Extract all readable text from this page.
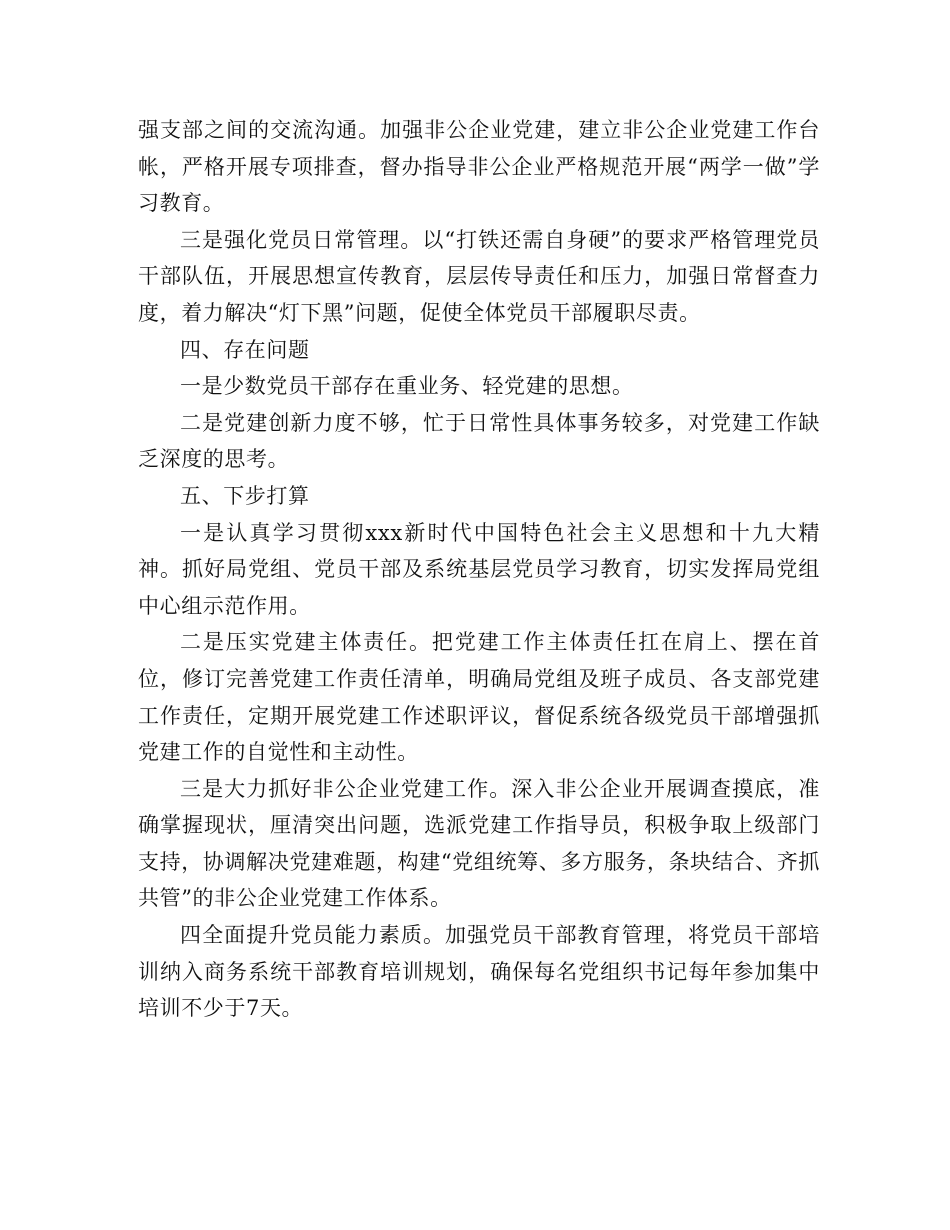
强支部之间的交流沟通。加强非公企业党建，建立非公企业党建工作台帐，严格开展专项排查，督办指导非公企业严格规范开展“两学一做”学习教育。

三是强化党员日常管理。以“打铁还需自身硬”的要求严格管理党员干部队伍，开展思想宣传教育，层层传导责任和压力，加强日常督查力度，着力解决“灯下黑”问题，促使全体党员干部履职尽责。

四、存在问题

一是少数党员干部存在重业务、轻党建的思想。

二是党建创新力度不够，忙于日常性具体事务较多，对党建工作缺乏深度的思考。

五、下步打算

一是认真学习贯彻xxx新时代中国特色社会主义思想和十九大精神。抓好局党组、党员干部及系统基层党员学习教育，切实发挥局党组中心组示范作用。

二是压实党建主体责任。把党建工作主体责任扛在肩上、摆在首位，修订完善党建工作责任清单，明确局党组及班子成员、各支部党建工作责任，定期开展党建工作述职评议，督促系统各级党员干部增强抓党建工作的自觉性和主动性。

三是大力抓好非公企业党建工作。深入非公企业开展调查摸底，准确掌握现状，厘清突出问题，选派党建工作指导员，积极争取上级部门支持，协调解决党建难题，构建“党组统筹、多方服务，条块结合、齐抓共管”的非公企业党建工作体系。

四全面提升党员能力素质。加强党员干部教育管理，将党员干部培训纳入商务系统干部教育培训规划，确保每名党组织书记每年参加集中培训不少于7天。
